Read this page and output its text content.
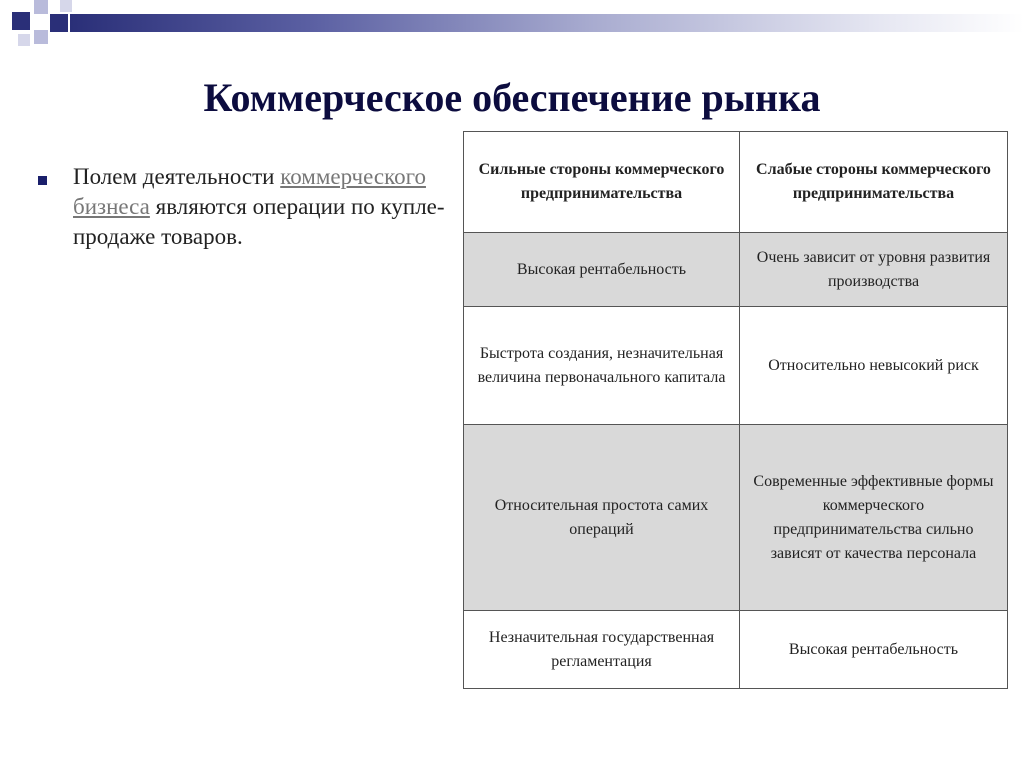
Коммерческое обеспечение рынка
Полем деятельности коммерческого бизнеса являются операции по купле-продаже товаров.
Сильные стороны коммерческого предпринимательства	Слабые стороны коммерческого предпринимательства
Высокая рентабельность	Очень зависит от уровня развития производства
Быстрота создания, незначительная величина первоначального капитала	Относительно невысокий риск
Относительная простота самих операций	Современные эффективные формы коммерческого предпринимательства сильно зависят от качества персонала
Незначительная государственная регламентация	Высокая рентабельность
